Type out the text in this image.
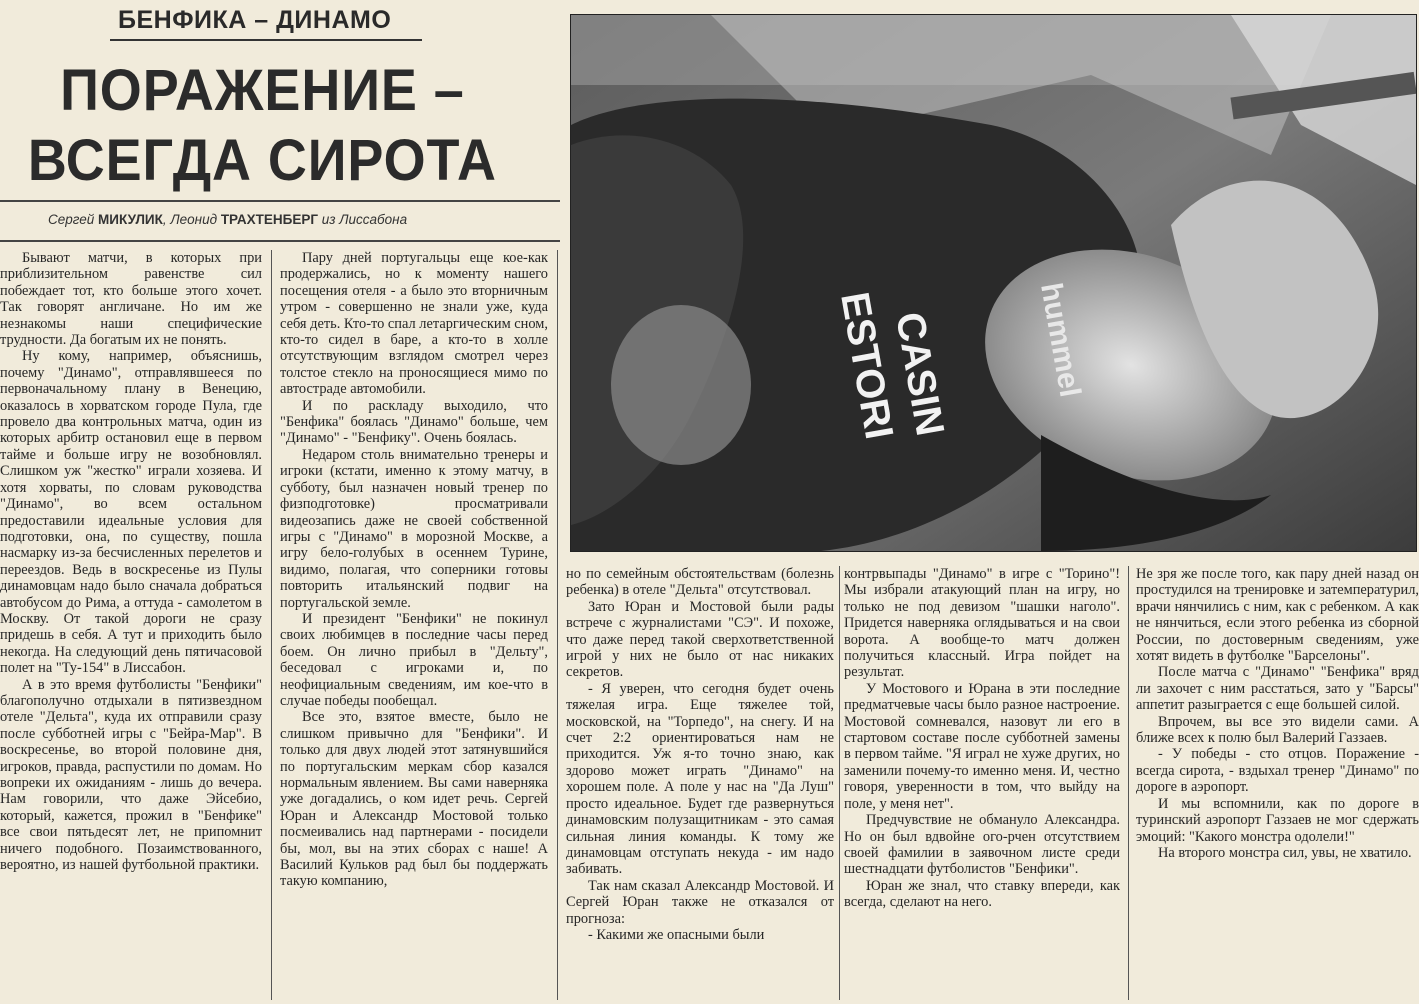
БЕНФИКА – ДИНАМО
ПОРАЖЕНИЕ –
ВСЕГДА СИРОТА
Сергей МИКУЛИК, Леонид ТРАХТЕНБЕРГ из Лиссабона
hummel
CASIN
ESTORI

Бывают матчи, в которых при приблизительном равенстве сил побеждает тот, кто больше этого хочет. Так говорят англичане. Но им же незнакомы наши специфические трудности. Да богатым их не понять.

Ну кому, например, объяснишь, почему "Динамо", отправлявшееся по первоначальному плану в Венецию, оказалось в хорватском городе Пула, где провело два контрольных матча, один из которых арбитр остановил еще в первом тайме и больше игру не возобновлял. Слишком уж "жестко" играли хозяева. И хотя хорваты, по словам руководства "Динамо", во всем остальном предоставили идеальные условия для подготовки, она, по существу, пошла насмарку из-за бесчисленных перелетов и переездов. Ведь в воскресенье из Пулы динамовцам надо было сначала добраться автобусом до Рима, а оттуда - самолетом в Москву. От такой дороги не сразу придешь в себя. А тут и приходить было некогда. На следующий день пятичасовой полет на "Ту-154" в Лиссабон.

А в это время футболисты "Бенфики" благополучно отдыхали в пятизвездном отеле "Дельта", куда их отправили сразу после субботней игры с "Бейра-Мар". В воскресенье, во второй половине дня, игроков, правда, распустили по домам. Но вопреки их ожиданиям - лишь до вечера. Нам говорили, что даже Эйсебио, который, кажется, прожил в "Бенфике" все свои пятьдесят лет, не припомнит ничего подобного. Позаимствованного, вероятно, из нашей футбольной практики.

Пару дней португальцы еще кое-как продержались, но к моменту нашего посещения отеля - а было это вторничным утром - совершенно не знали уже, куда себя деть. Кто-то спал летаргическим сном, кто-то сидел в баре, а кто-то в холле отсутствующим взглядом смотрел через толстое стекло на проносящиеся мимо по автостраде автомобили.

И по раскладу выходило, что "Бенфика" боялась "Динамо" больше, чем "Динамо" - "Бенфику". Очень боялась.

Недаром столь внимательно тренеры и игроки (кстати, именно к этому матчу, в субботу, был назначен новый тренер по физподготовке) просматривали видеозапись даже не своей собственной игры с "Динамо" в морозной Москве, а игру бело-голубых в осеннем Турине, видимо, полагая, что соперники готовы повторить итальянский подвиг на португальской земле.

И президент "Бенфики" не покинул своих любимцев в последние часы перед боем. Он лично прибыл в "Дельту", беседовал с игроками и, по неофициальным сведениям, им кое-что в случае победы пообещал.

Все это, взятое вместе, было не слишком привычно для "Бенфики". И только для двух людей этот затянувшийся по португальским меркам сбор казался нормальным явлением. Вы сами наверняка уже догадались, о ком идет речь. Сергей Юран и Александр Мостовой только посмеивались над партнерами - посидели бы, мол, вы на этих сборах с наше! А Василий Кульков рад был бы поддержать такую компанию,

но по семейным обстоятельствам (болезнь ребенка) в отеле "Дельта" отсутствовал.

Зато Юран и Мостовой были рады встрече с журналистами "СЭ". И похоже, что даже перед такой сверхответственной игрой у них не было от нас никаких секретов.

- Я уверен, что сегодня будет очень тяжелая игра. Еще тяжелее той, московской, на "Торпедо", на снегу. И на счет 2:2 ориентироваться нам не приходится. Уж я-то точно знаю, как здорово может играть "Динамо" на хорошем поле. А поле у нас на "Да Луш" просто идеальное. Будет где развернуться динамовским полузащитникам - это самая сильная линия команды. К тому же динамовцам отступать некуда - им надо забивать.

Так нам сказал Александр Мостовой. И Сергей Юран также не отказался от прогноза:

- Какими же опасными были

контрвыпады "Динамо" в игре с "Торино"! Мы избрали атакующий план на игру, но только не под девизом "шашки наголо". Придется наверняка оглядываться и на свои ворота. А вообще-то матч должен получиться классный. Игра пойдет на результат.

У Мостового и Юрана в эти последние предматчевые часы было разное настроение. Мостовой сомневался, назовут ли его в стартовом составе после субботней замены в первом тайме. "Я играл не хуже других, но заменили почему-то именно меня. И, честно говоря, уверенности в том, что выйду на поле, у меня нет".

Предчувствие не обмануло Александра. Но он был вдвойне ого-рчен отсутствием своей фамилии в заявочном листе среди шестнадцати футболистов "Бенфики".

Юран же знал, что ставку впереди, как всегда, сделают на него.

Не зря же после того, как пару дней назад он простудился на тренировке и затемпературил, врачи нянчились с ним, как с ребенком. А как не нянчиться, если этого ребенка из сборной России, по достоверным сведениям, уже хотят видеть в футболке "Барселоны".

После матча с "Динамо" "Бенфика" вряд ли захочет с ним расстаться, зато у "Барсы" аппетит разыграется с еще большей силой.

Впрочем, вы все это видели сами. А ближе всех к полю был Валерий Газзаев.

- У победы - сто отцов. Поражение - всегда сирота, - вздыхал тренер "Динамо" по дороге в аэропорт.

И мы вспомнили, как по дороге в туринский аэропорт Газзаев не мог сдержать эмоций: "Какого монстра одолели!"

На второго монстра сил, увы, не хватило.
